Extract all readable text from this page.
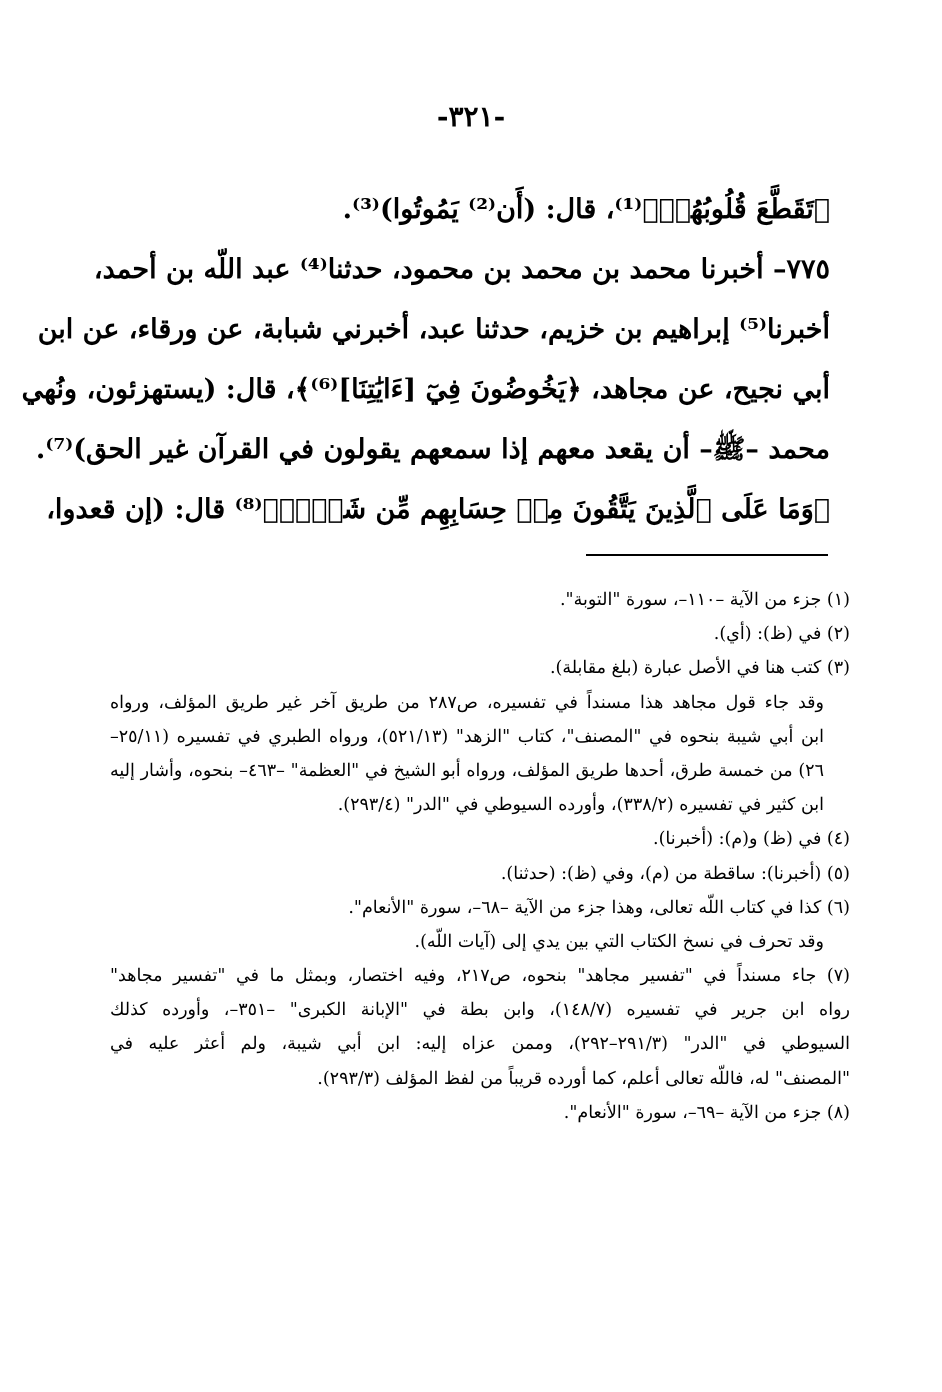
-٣٢١-
﴿تَقَطَّعَ قُلُوبُهُمۡ﴾⁽¹⁾، قال: (أَن⁽²⁾ يَمُوتُوا)⁽³⁾.
٧٧٥– أخبرنا محمد بن محمد بن محمود، حدثنا⁽⁴⁾ عبد اللّه بن أحمد،
أخبرنا⁽⁵⁾ إبراهيم بن خزيم، حدثنا عبد، أخبرني شبابة، عن ورقاء، عن ابن
أبي نجيح، عن مجاهد، ﴿يَخُوضُونَ فِيٓ [ءَايَٰتِنَا]⁽⁶⁾﴾، قال: (يستهزئون، ونُهي
محمد –ﷺ– أن يقعد معهم إذا سمعهم يقولون في القرآن غير الحق)⁽⁷⁾.
﴿وَمَا عَلَى ٱلَّذِينَ يَتَّقُونَ مِنۡ حِسَابِهِم مِّن شَيۡءٖ﴾⁽⁸⁾ قال: (إن قعدوا،
(١) جزء من الآية –١١٠–، سورة "التوبة".
(٢) في (ظ): (أي).
(٣) كتب هنا في الأصل عبارة (بلغ مقابلة).
وقد جاء قول مجاهد هذا مسنداً في تفسيره، ص٢٨٧ من طريق آخر غير طريق المؤلف، ورواه
ابن أبي شيبة بنحوه في "المصنف"، كتاب "الزهد" (٥٢١/١٣)، ورواه الطبري في تفسيره (٢٥/١١–
٢٦) من خمسة طرق، أحدها طريق المؤلف، ورواه أبو الشيخ في "العظمة" –٤٦٣– بنحوه، وأشار إليه
ابن كثير في تفسيره (٣٣٨/٢)، وأورده السيوطي في "الدر" (٢٩٣/٤).
(٤) في (ظ) و(م): (أخبرنا).
(٥) (أخبرنا): ساقطة من (م)، وفي (ظ): (حدثنا).
(٦) كذا في كتاب اللّه تعالى، وهذا جزء من الآية –٦٨–، سورة "الأنعام".
وقد تحرف في نسخ الكتاب التي بين يدي إلى (آيات اللّه).
(٧) جاء مسنداً في "تفسير مجاهد" بنحوه، ص٢١٧، وفيه اختصار، وبمثل ما في "تفسير مجاهد"
رواه ابن جرير في تفسيره (١٤٨/٧)، وابن بطة في "الإبانة الكبرى" –٣٥١–، وأورده كذلك
السيوطي في "الدر" (٢٩١/٣–٢٩٢)، وممن عزاه إليه: ابن أبي شيبة، ولم أعثر عليه في
"المصنف" له، فاللّه تعالى أعلم، كما أورده قريباً من لفظ المؤلف (٢٩٣/٣).
(٨) جزء من الآية –٦٩–، سورة "الأنعام".
